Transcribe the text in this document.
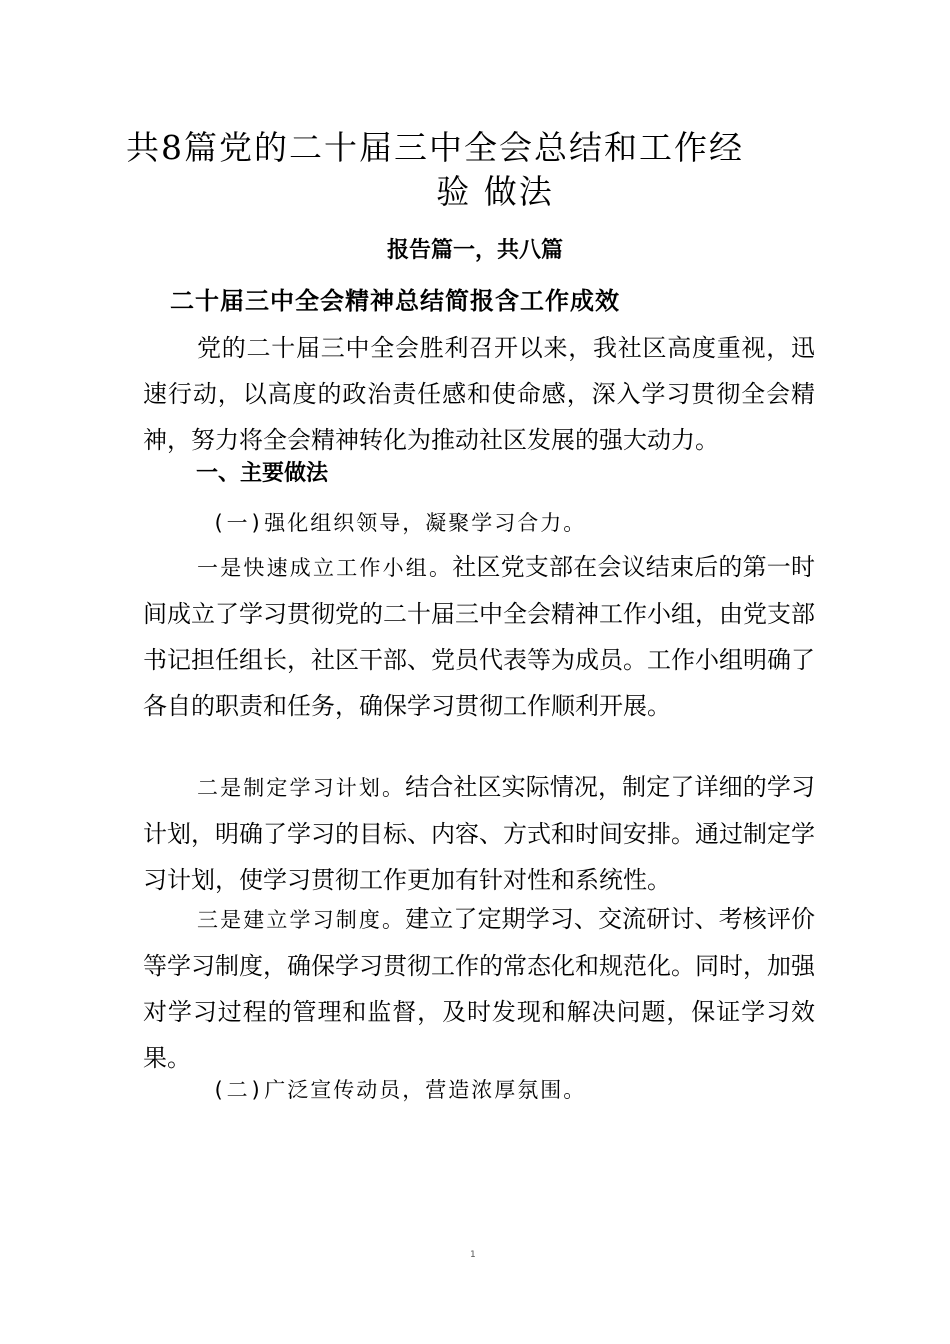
共8篇党的二十届三中全会总结和工作经
验 做法
报告篇一，共八篇
二十届三中全会精神总结简报含工作成效

党的二十届三中全会胜利召开以来，我社区高度重视，迅速行动，以高度的政治责任感和使命感，深入学习贯彻全会精神，努力将全会精神转化为推动社区发展的强大动力。

一、主要做法
(一)强化组织领导，凝聚学习合力。

一是快速成立工作小组。社区党支部在会议结束后的第一时间成立了学习贯彻党的二十届三中全会精神工作小组，由党支部书记担任组长，社区干部、党员代表等为成员。工作小组明确了各自的职责和任务，确保学习贯彻工作顺利开展。

二是制定学习计划。结合社区实际情况，制定了详细的学习计划，明确了学习的目标、内容、方式和时间安排。通过制定学习计划，使学习贯彻工作更加有针对性和系统性。

三是建立学习制度。建立了定期学习、交流研讨、考核评价等学习制度，确保学习贯彻工作的常态化和规范化。同时，加强对学习过程的管理和监督，及时发现和解决问题，保证学习效果。

(二)广泛宣传动员，营造浓厚氛围。
1
